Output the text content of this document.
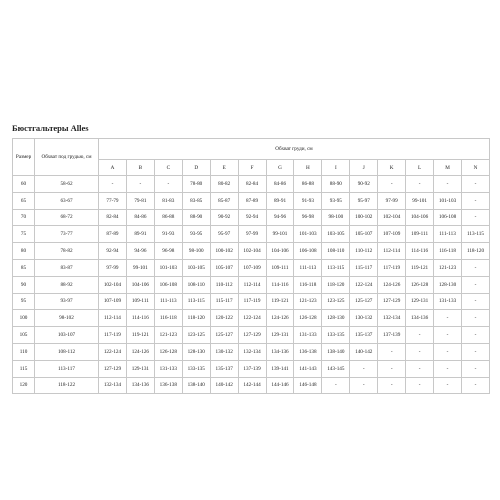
Бюстгальтеры Alles
Размер	Обхват под грудью, см	Обхват груди, см													
		A	B	C	D	E	F	G	H	I	J	K	L	M	N
60	58-62	-	-	-	78-80	80-82	82-84	84-86	86-88	88-90	90-92	-	-	-	-
65	63-67	77-79	79-81	81-83	83-85	85-87	87-89	89-91	91-93	93-95	95-97	97-99	99-101	101-103	-
70	68-72	82-84	84-86	86-88	88-90	90-92	92-94	94-96	96-98	98-100	100-102	102-104	104-106	106-108	-
75	73-77	87-89	89-91	91-93	93-95	95-97	97-99	99-101	101-103	103-105	105-107	107-109	109-111	111-113	113-115
80	78-82	92-94	94-96	96-98	98-100	100-102	102-104	104-106	106-108	108-110	110-112	112-114	114-116	116-118	118-120
85	83-87	97-99	99-101	101-103	103-105	105-107	107-109	109-111	111-113	113-115	115-117	117-119	119-121	121-123	-
90	88-92	102-104	104-106	106-108	108-110	110-112	112-114	114-116	116-118	118-120	122-124	124-126	126-128	128-130	-
95	93-97	107-109	109-111	111-113	113-115	115-117	117-119	119-121	121-123	123-125	125-127	127-129	129-131	131-133	-
100	98-102	112-114	114-116	116-118	118-120	120-122	122-124	124-126	126-128	128-130	130-132	132-134	134-136	-	-
105	103-107	117-119	119-121	121-123	123-125	125-127	127-129	129-131	131-133	133-135	135-137	137-139	-	-	-
110	108-112	122-124	124-126	126-128	128-130	130-132	132-134	134-136	136-138	138-140	140-142	-	-	-	-
115	113-117	127-129	129-131	131-133	133-135	135-137	137-139	139-141	141-143	143-145	-	-	-	-	-
120	118-122	132-134	134-136	136-138	138-140	140-142	142-144	144-146	146-148	-	-	-	-	-	-
